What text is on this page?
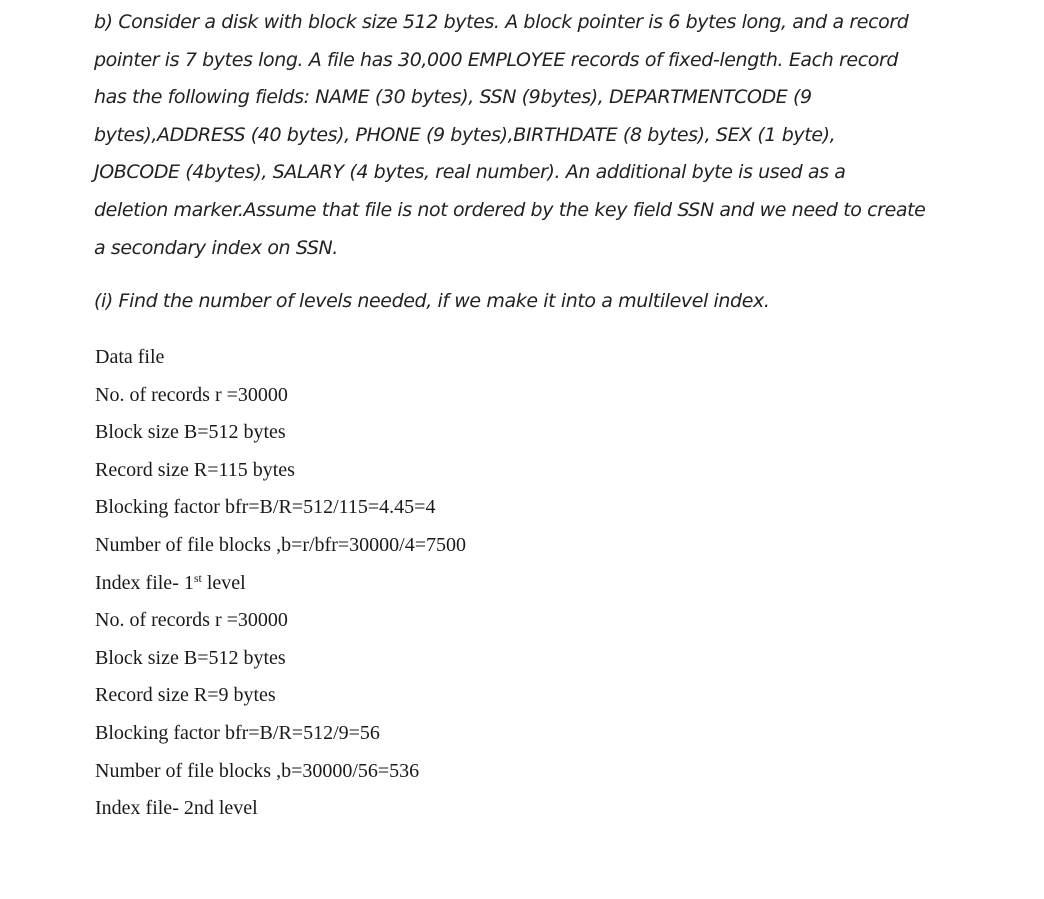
b) Consider a disk with block size 512 bytes. A block pointer is 6 bytes long, and a record
pointer is 7 bytes long. A file has 30,000 EMPLOYEE records of fixed-length. Each record
has the following fields: NAME (30 bytes), SSN (9bytes), DEPARTMENTCODE (9
bytes),ADDRESS (40 bytes), PHONE (9 bytes),BIRTHDATE (8 bytes), SEX (1 byte),
JOBCODE (4bytes), SALARY (4 bytes, real number). An additional byte is used as a
deletion marker.Assume that file is not ordered by the key field SSN and we need to create
a secondary index on SSN.
(i) Find the number of levels needed, if we make it into a multilevel index.
Data file
No. of records r =30000
Block size B=512 bytes
Record size R=115 bytes
Blocking factor bfr=B/R=512/115=4.45=4
Number of file blocks ,b=r/bfr=30000/4=7500
Index file- 1st level
No. of records r =30000
Block size B=512 bytes
Record size R=9 bytes
Blocking factor bfr=B/R=512/9=56
Number of file blocks ,b=30000/56=536
Index file- 2nd level
